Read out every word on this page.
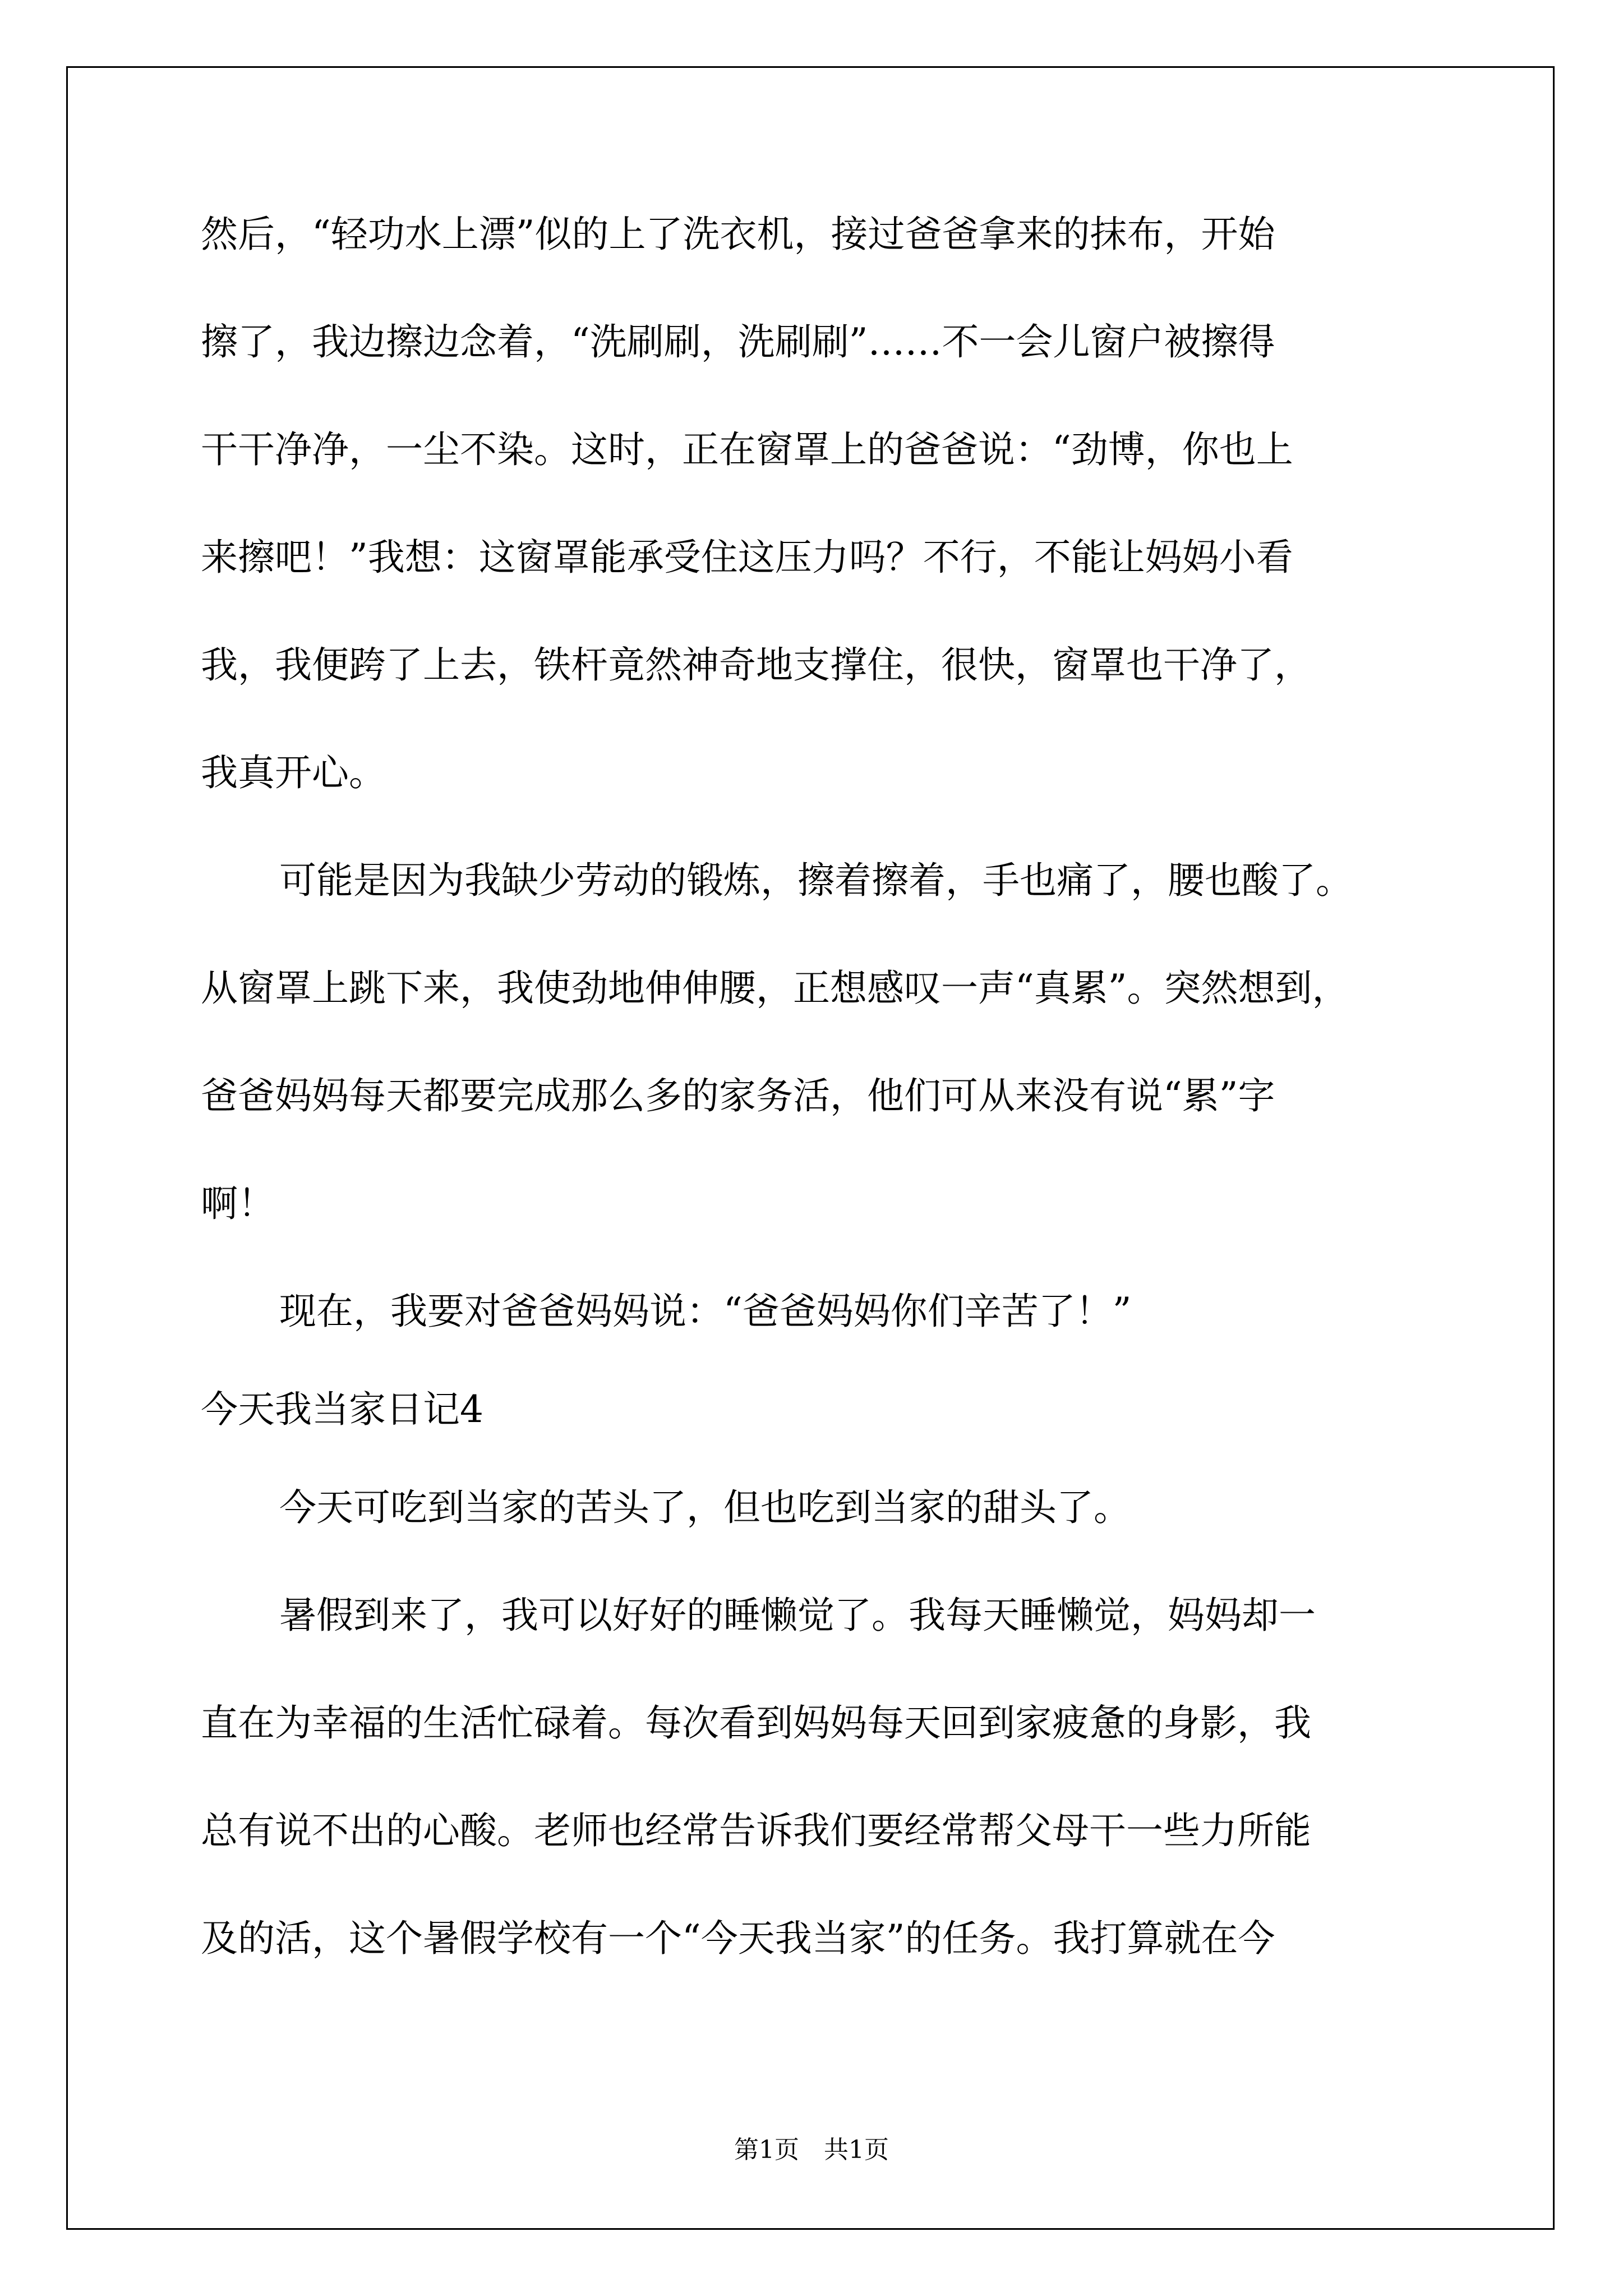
然后，“轻功水上漂”似的上了洗衣机，接过爸爸拿来的抹布，开始
擦了，我边擦边念着，“洗刷刷，洗刷刷”……不一会儿窗户被擦得
干干净净，一尘不染。这时，正在窗罩上的爸爸说：“劲博，你也上
来擦吧！”我想：这窗罩能承受住这压力吗？不行，不能让妈妈小看
我，我便跨了上去，铁杆竟然神奇地支撑住，很快，窗罩也干净了，
我真开心。
可能是因为我缺少劳动的锻炼，擦着擦着，手也痛了，腰也酸了。
从窗罩上跳下来，我使劲地伸伸腰，正想感叹一声“真累”。突然想到，
爸爸妈妈每天都要完成那么多的家务活，他们可从来没有说“累”字
啊！
现在，我要对爸爸妈妈说：“爸爸妈妈你们辛苦了！”
今天我当家日记4
今天可吃到当家的苦头了，但也吃到当家的甜头了。
暑假到来了，我可以好好的睡懒觉了。我每天睡懒觉，妈妈却一
直在为幸福的生活忙碌着。每次看到妈妈每天回到家疲惫的身影，我
总有说不出的心酸。老师也经常告诉我们要经常帮父母干一些力所能
及的活，这个暑假学校有一个“今天我当家”的任务。我打算就在今
第1页　共1页
